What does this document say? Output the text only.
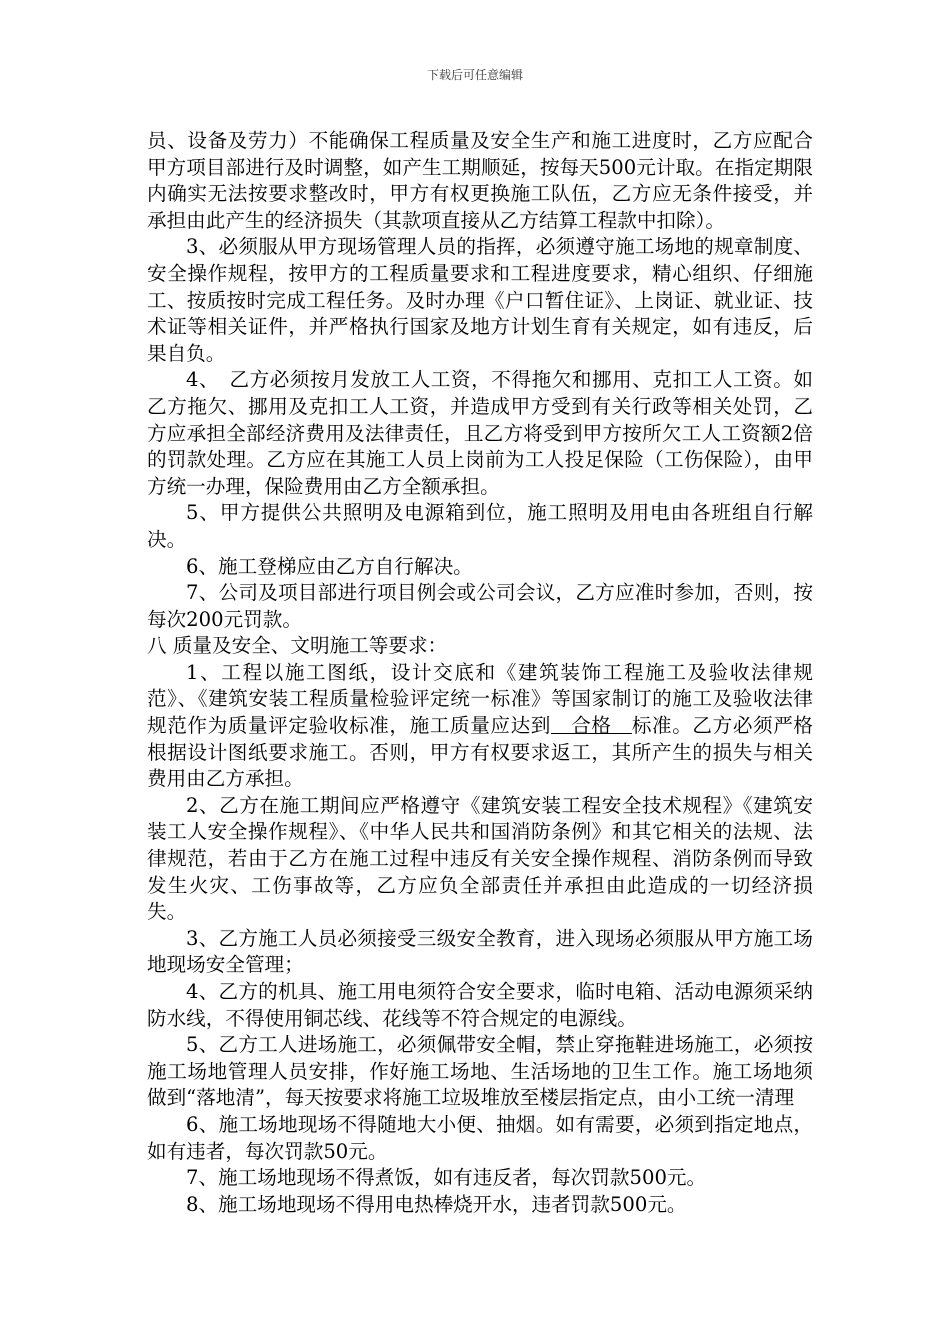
下载后可任意编辑

员、设备及劳力）不能确保工程质量及安全生产和施工进度时，乙方应配合甲方项目部进行及时调整，如产生工期顺延，按每天500元计取。在指定期限内确实无法按要求整改时，甲方有权更换施工队伍，乙方应无条件接受，并承担由此产生的经济损失（其款项直接从乙方结算工程款中扣除）。

3、必须服从甲方现场管理人员的指挥，必须遵守施工场地的规章制度、安全操作规程，按甲方的工程质量要求和工程进度要求，精心组织、仔细施工、按质按时完成工程任务。及时办理《户口暂住证》、上岗证、就业证、技术证等相关证件，并严格执行国家及地方计划生育有关规定，如有违反，后果自负。

4、　乙方必须按月发放工人工资，不得拖欠和挪用、克扣工人工资。如乙方拖欠、挪用及克扣工人工资，并造成甲方受到有关行政等相关处罚，乙方应承担全部经济费用及法律责任，且乙方将受到甲方按所欠工人工资额2倍的罚款处理。乙方应在其施工人员上岗前为工人投足保险（工伤保险），由甲方统一办理，保险费用由乙方全额承担。

5、甲方提供公共照明及电源箱到位，施工照明及用电由各班组自行解决。

6、施工登梯应由乙方自行解决。

7、公司及项目部进行项目例会或公司会议，乙方应准时参加，否则，按每次200元罚款。

八 质量及安全、文明施工等要求：

1、工程以施工图纸，设计交底和《建筑装饰工程施工及验收法律规范》、《建筑安装工程质量检验评定统一标准》等国家制订的施工及验收法律规范作为质量评定验收标准，施工质量应达到　合格　标准。乙方必须严格根据设计图纸要求施工。否则，甲方有权要求返工，其所产生的损失与相关费用由乙方承担。

2、乙方在施工期间应严格遵守《建筑安装工程安全技术规程》《建筑安装工人安全操作规程》、《中华人民共和国消防条例》和其它相关的法规、法律规范，若由于乙方在施工过程中违反有关安全操作规程、消防条例而导致发生火灾、工伤事故等，乙方应负全部责任并承担由此造成的一切经济损失。

3、乙方施工人员必须接受三级安全教育，进入现场必须服从甲方施工场地现场安全管理；

4、乙方的机具、施工用电须符合安全要求，临时电箱、活动电源须采纳防水线，不得使用铜芯线、花线等不符合规定的电源线。

5、乙方工人进场施工，必须佩带安全帽，禁止穿拖鞋进场施工，必须按施工场地管理人员安排，作好施工场地、生活场地的卫生工作。施工场地须做到“落地清”，每天按要求将施工垃圾堆放至楼层指定点，由小工统一清理

6、施工场地现场不得随地大小便、抽烟。如有需要，必须到指定地点，如有违者，每次罚款50元。

7、施工场地现场不得煮饭，如有违反者，每次罚款500元。

8、施工场地现场不得用电热棒烧开水，违者罚款500元。
